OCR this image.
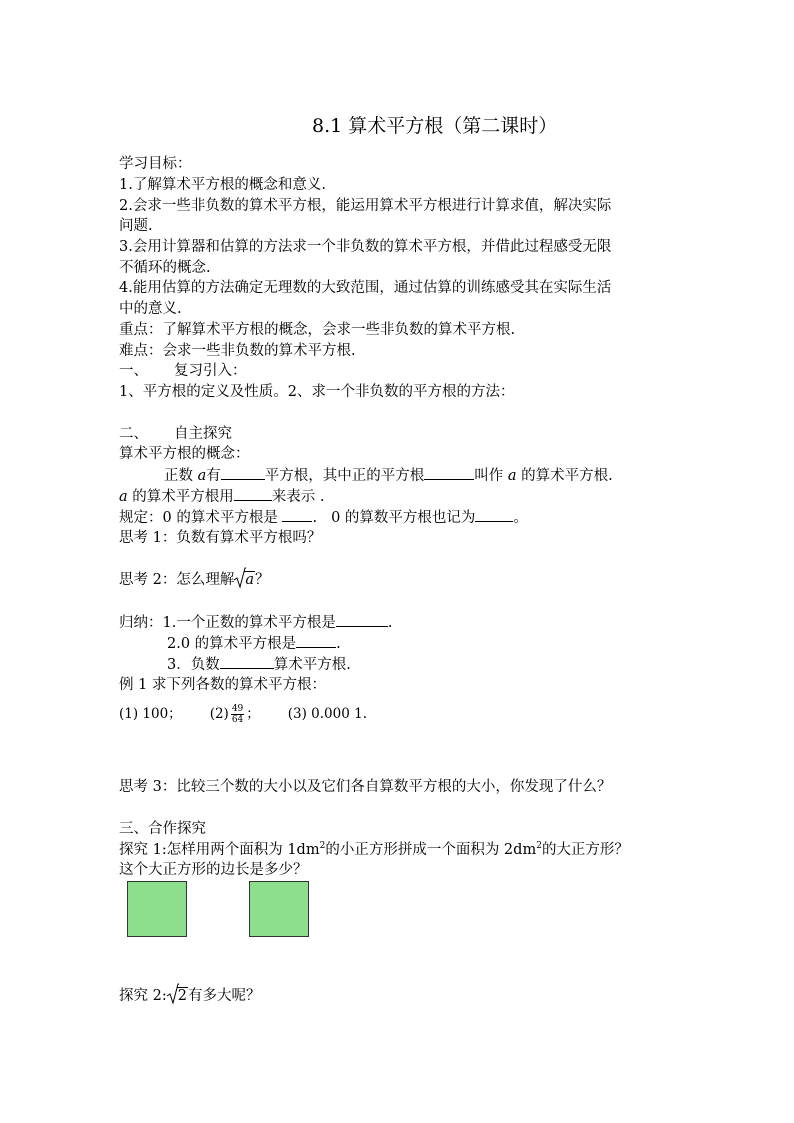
8.1 算术平方根（第二课时）
学习目标：
1.了解算术平方根的概念和意义.
2.会求一些非负数的算术平方根，能运用算术平方根进行计算求值，解决实际
问题.
3.会用计算器和估算的方法求一个非负数的算术平方根，并借此过程感受无限
不循环的概念.
4.能用估算的方法确定无理数的大致范围，通过估算的训练感受其在实际生活
中的意义.
重点：了解算术平方根的概念，会求一些非负数的算术平方根.
难点：会求一些非负数的算术平方根.
一、 复习引入：
1、平方根的定义及性质。2、求一个非负数的平方根的方法：
二、 自主探究
算术平方根的概念：
正数 a有	平方根，其中正的平方根	叫作 a 的算术平方根.
a 的算术平方根用	来表示 .
规定：0 的算术平方根是 . 0 的算数平方根也记为	。
思考 1：负数有算术平方根吗？
思考 2：怎么理解 a？
归纳：1.一个正数的算术平方根是	.
2.0 的算术平方根是	.
3．负数	算术平方根.
例 1 求下列各数的算术平方根：
(1) 100； $(2) \frac{49}{64}$ ； (3) 0.000 1.
思考 3：比较三个数的大小以及它们各自算数平方根的大小，你发现了什么？
三、合作探究
探究 1:怎样用两个面积为 $1dm^2$的小正方形拼成一个面积为 $2dm^2$的大正方形？
这个大正方形的边长是多少？
探究 2: 2有多大呢？
